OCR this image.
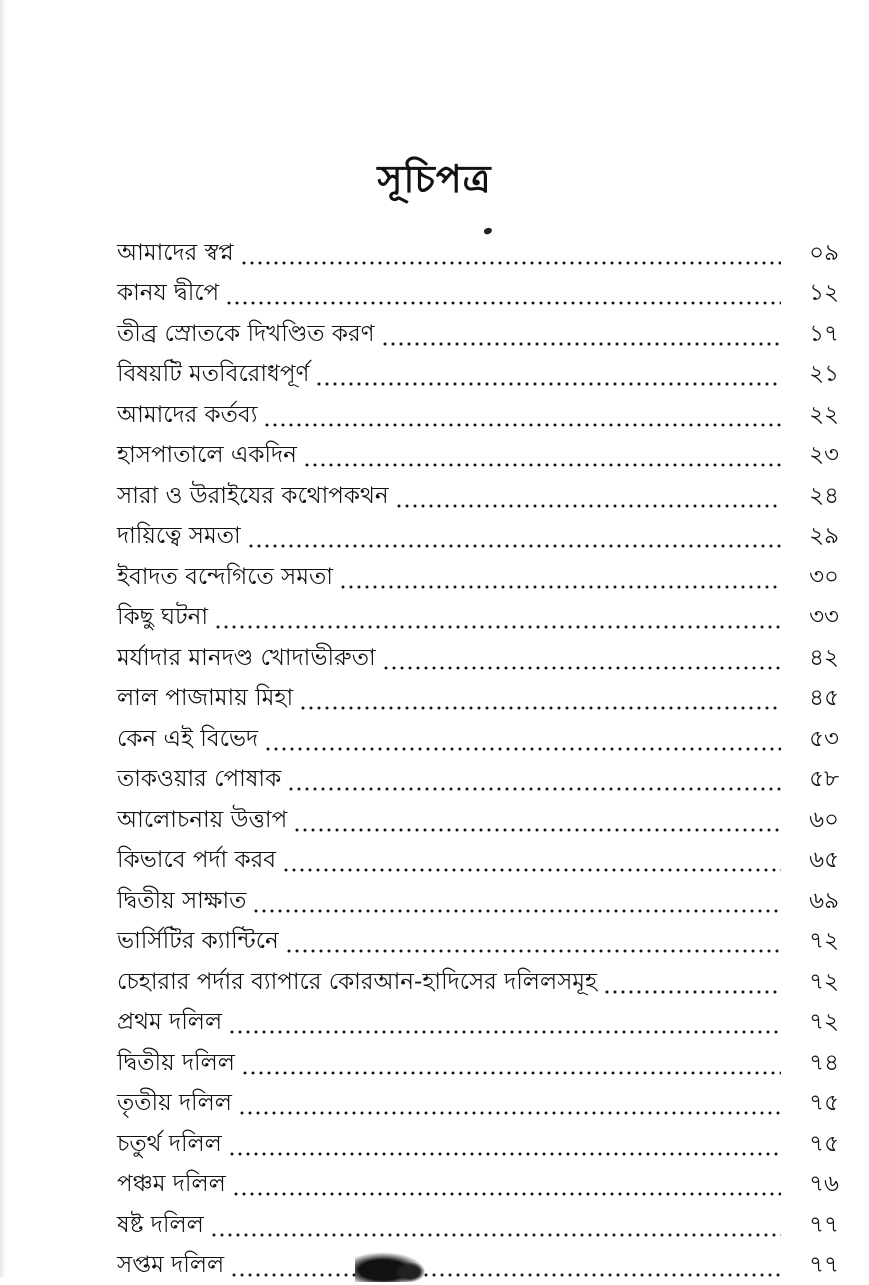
সূচিপত্র
আমাদের স্বপ্ন	০৯
কানয দ্বীপে	১২
তীব্র স্রোতকে দিখণ্ডিত করণ	১৭
বিষয়টি মতবিরোধপূর্ণ	২১
আমাদের কর্তব্য	২২
হাসপাতালে একদিন	২৩
সারা ও উরাইযের কথোপকথন	২৪
দায়িত্বে সমতা	২৯
ইবাদত বন্দেগিতে সমতা	৩০
কিছু ঘটনা	৩৩
মর্যাদার মানদণ্ড খোদাভীরুতা	৪২
লাল পাজামায় মিহা	৪৫
কেন এই বিভেদ	৫৩
তাকওয়ার পোষাক	৫৮
আলোচনায় উত্তাপ	৬০
কিভাবে পর্দা করব	৬৫
দ্বিতীয় সাক্ষাত	৬৯
ভার্সিটির ক্যান্টিনে	৭২
চেহারার পর্দার ব্যাপারে কোরআন-হাদিসের দলিলসমূহ	৭২
প্রথম দলিল	৭২
দ্বিতীয় দলিল	৭৪
তৃতীয় দলিল	৭৫
চতুর্থ দলিল	৭৫
পঞ্চম দলিল	৭৬
ষষ্ট দলিল	৭৭
সপ্তম দলিল	৭৭
